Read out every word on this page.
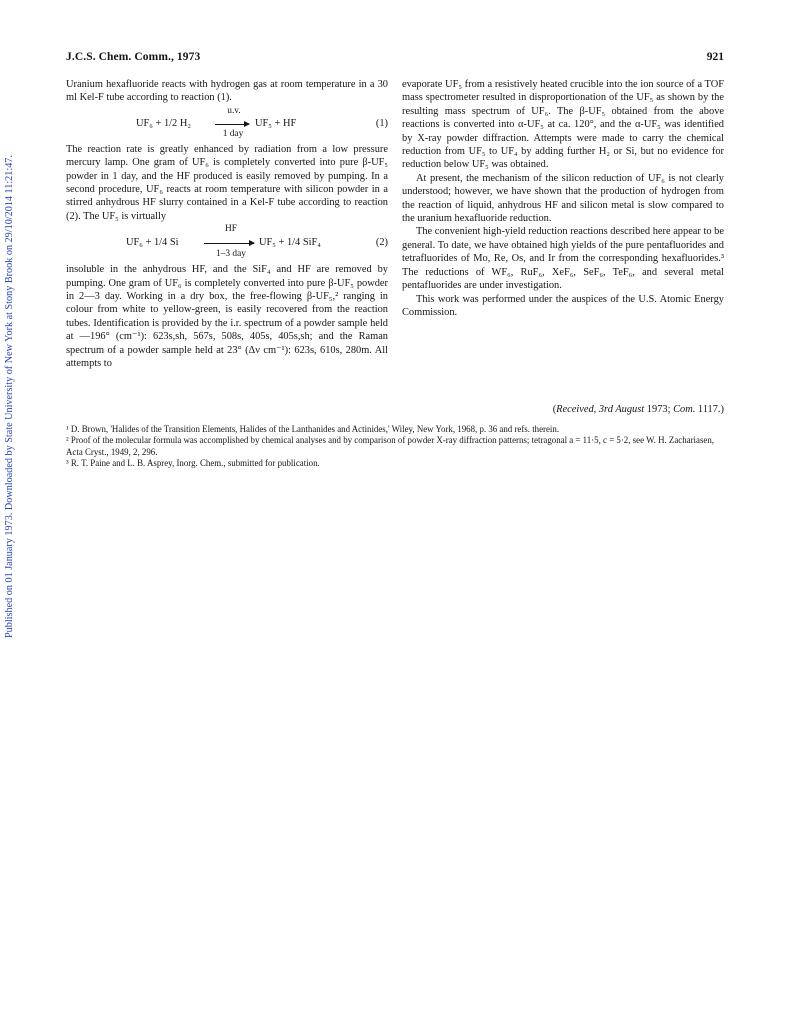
Published on 01 January 1973. Downloaded by State University of New York at Stony Brook on 29/10/2014 11:21:47.
J.C.S. Chem. Comm., 1973	921

Uranium hexafluoride reacts with hydrogen gas at room temperature in a 30 ml Kel-F tube according to reaction (1).

UF₆ + 1/2 H₂
u.v.
1 day
UF₅ + HF	(1)

The reaction rate is greatly enhanced by radiation from a low pressure mercury lamp. One gram of UF₆ is completely converted into pure β-UF₅ powder in 1 day, and the HF produced is easily removed by pumping. In a second procedure, UF₆ reacts at room temperature with silicon powder in a stirred anhydrous HF slurry contained in a Kel-F tube according to reaction (2). The UF₅ is virtually

UF₆ + 1/4 Si
HF
1–3 day
UF₅ + 1/4 SiF₄	(2)

insoluble in the anhydrous HF, and the SiF₄ and HF are removed by pumping. One gram of UF₆ is completely converted into pure β-UF₅ powder in 2—3 day. Working in a dry box, the free-flowing β-UF₅,² ranging in colour from white to yellow-green, is easily recovered from the reaction tubes. Identification is provided by the i.r. spectrum of a powder sample held at —196° (cm⁻¹): 623s,sh, 567s, 508s, 405s, 405s,sh; and the Raman spectrum of a powder sample held at 23° (Δν cm⁻¹): 623s, 610s, 280m. All attempts to

evaporate UF₅ from a resistively heated crucible into the ion source of a TOF mass spectrometer resulted in disproportionation of the UF₅ as shown by the resulting mass spectrum of UF₆. The β-UF₅ obtained from the above reactions is converted into α-UF₅ at ca. 120°, and the α-UF₅ was identified by X-ray powder diffraction. Attempts were made to carry the chemical reduction from UF₅ to UF₄ by adding further H₂ or Si, but no evidence for reduction below UF₅ was obtained.

At present, the mechanism of the silicon reduction of UF₆ is not clearly understood; however, we have shown that the production of hydrogen from the reaction of liquid, anhydrous HF and silicon metal is slow compared to the uranium hexafluoride reduction.

The convenient high-yield reduction reactions described here appear to be general. To date, we have obtained high yields of the pure pentafluorides and tetrafluorides of Mo, Re, Os, and Ir from the corresponding hexafluorides.³ The reductions of WF₆, RuF₆, XeF₆, SeF₆, TeF₆, and several metal pentafluorides are under investigation.

This work was performed under the auspices of the U.S. Atomic Energy Commission.

(Received, 3rd August 1973; Com. 1117.)

¹ D. Brown, 'Halides of the Transition Elements, Halides of the Lanthanides and Actinides,' Wiley, New York, 1968, p. 36 and refs. therein.

² Proof of the molecular formula was accomplished by chemical analyses and by comparison of powder X-ray diffraction patterns; tetragonal a = 11·5, c = 5·2, see W. H. Zachariasen, Acta Cryst., 1949, 2, 296.

³ R. T. Paine and L. B. Asprey, Inorg. Chem., submitted for publication.
